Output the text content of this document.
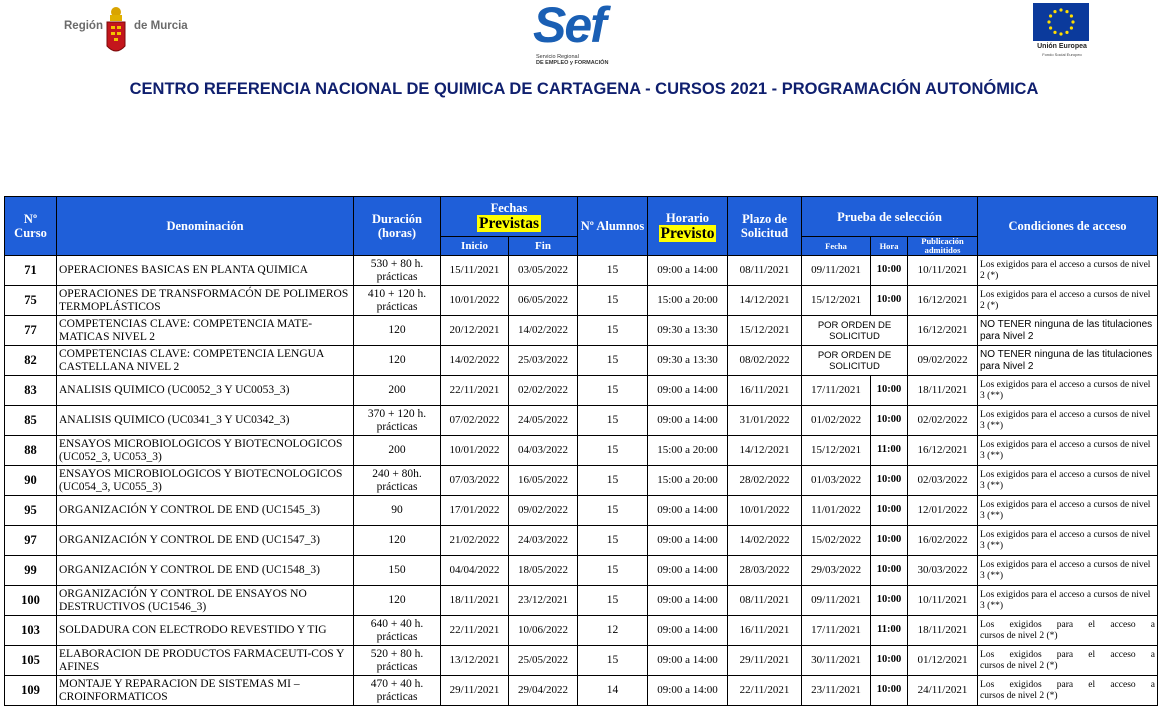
Región	de Murcia	Sef
Servicio Regional
DE EMPLEO y FORMACIÓN
Unión Europea
Fondo Social Europeo
CENTRO REFERENCIA NACIONAL DE QUIMICA DE CARTAGENA - CURSOS 2021 - PROGRAMACIÓN AUTONÓMICA
Nº Curso	Denominación	Duración (horas)	Fechas
Previstas		Nº Alumnos	Horario
Previsto	Plazo de Solicitud	Prueba de selección			Condiciones de acceso
			Inicio	Fin				Fecha	Hora	Publicación admitidos	
71	OPERACIONES BASICAS EN PLANTA QUIMICA	530 + 80 h. prácticas	15/11/2021	03/05/2022	15	09:00 a 14:00	08/11/2021	09/11/2021	10:00	10/11/2021	Los exigidos para el acceso a cursos de nivel 2 (*)
75	OPERACIONES DE TRANSFORMACÓN DE POLIMEROS TERMOPLÁSTICOS	410 + 120 h. prácticas	10/01/2022	06/05/2022	15	15:00 a 20:00	14/12/2021	15/12/2021	10:00	16/12/2021	Los exigidos para el acceso a cursos de nivel 2 (*)
77	COMPETENCIAS CLAVE: COMPETENCIA MATE-MATICAS NIVEL 2	120	20/12/2021	14/02/2022	15	09:30 a 13:30	15/12/2021	POR ORDEN DE SOLICITUD		16/12/2021	NO TENER ninguna de las titulaciones para Nivel 2
82	COMPETENCIAS CLAVE: COMPETENCIA LENGUA CASTELLANA NIVEL 2	120	14/02/2022	25/03/2022	15	09:30 a 13:30	08/02/2022	POR ORDEN DE SOLICITUD		09/02/2022	NO TENER ninguna de las titulaciones para Nivel 2
83	ANALISIS QUIMICO (UC0052_3 Y UC0053_3)	200	22/11/2021	02/02/2022	15	09:00 a 14:00	16/11/2021	17/11/2021	10:00	18/11/2021	Los exigidos para el acceso a cursos de nivel 3 (**)
85	ANALISIS QUIMICO (UC0341_3 Y UC0342_3)	370 + 120 h. prácticas	07/02/2022	24/05/2022	15	09:00 a 14:00	31/01/2022	01/02/2022	10:00	02/02/2022	Los exigidos para el acceso a cursos de nivel 3 (**)
88	ENSAYOS MICROBIOLOGICOS Y BIOTECNOLOGICOS (UC052_3, UC053_3)	200	10/01/2022	04/03/2022	15	15:00 a 20:00	14/12/2021	15/12/2021	11:00	16/12/2021	Los exigidos para el acceso a cursos de nivel 3 (**)
90	ENSAYOS MICROBIOLOGICOS Y BIOTECNOLOGICOS (UC054_3, UC055_3)	240 + 80h. prácticas	07/03/2022	16/05/2022	15	15:00 a 20:00	28/02/2022	01/03/2022	10:00	02/03/2022	Los exigidos para el acceso a cursos de nivel 3 (**)
95	ORGANIZACIÓN Y CONTROL DE END (UC1545_3)	90	17/01/2022	09/02/2022	15	09:00 a 14:00	10/01/2022	11/01/2022	10:00	12/01/2022	Los exigidos para el acceso a cursos de nivel 3 (**)
97	ORGANIZACIÓN Y CONTROL DE END (UC1547_3)	120	21/02/2022	24/03/2022	15	09:00 a 14:00	14/02/2022	15/02/2022	10:00	16/02/2022	Los exigidos para el acceso a cursos de nivel 3 (**)
99	ORGANIZACIÓN Y CONTROL DE END (UC1548_3)	150	04/04/2022	18/05/2022	15	09:00 a 14:00	28/03/2022	29/03/2022	10:00	30/03/2022	Los exigidos para el acceso a cursos de nivel 3 (**)
100	ORGANIZACIÓN Y CONTROL DE ENSAYOS NO DESTRUCTIVOS (UC1546_3)	120	18/11/2021	23/12/2021	15	09:00 a 14:00	08/11/2021	09/11/2021	10:00	10/11/2021	Los exigidos para el acceso a cursos de nivel 3 (**)
103	SOLDADURA CON ELECTRODO REVESTIDO Y TIG	640 + 40 h. prácticas	22/11/2021	10/06/2022	12	09:00 a 14:00	16/11/2021	17/11/2021	11:00	18/11/2021	Los exigidos para el acceso a
cursos de nivel 2 (*)
105	ELABORACION DE PRODUCTOS FARMACEUTI-COS Y AFINES	520 + 80 h. prácticas	13/12/2021	25/05/2022	15	09:00 a 14:00	29/11/2021	30/11/2021	10:00	01/12/2021	Los exigidos para el acceso a
cursos de nivel 2 (*)
109	MONTAJE Y REPARACION DE SISTEMAS MI – CROINFORMATICOS	470 + 40 h. prácticas	29/11/2021	29/04/2022	14	09:00 a 14:00	22/11/2021	23/11/2021	10:00	24/11/2021	Los exigidos para el acceso a
cursos de nivel 2 (*)
